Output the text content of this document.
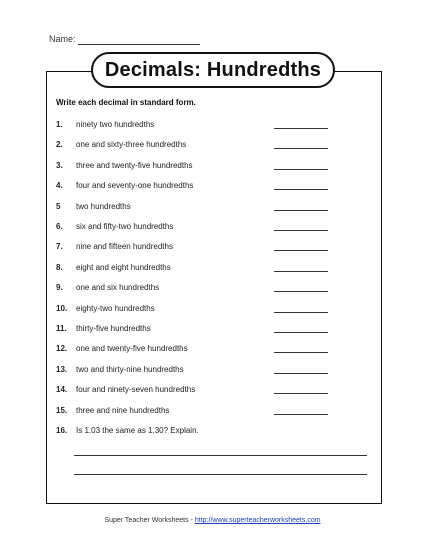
Name:
Decimals: Hundredths
Write each decimal in standard form.
1. ninety two hundredths
2. one and sixty-three hundredths
3. three and twenty-five hundredths
4. four and seventy-one hundredths
5 two hundredths
6. six and fifty-two hundredths
7. nine and fifteen hundredths
8. eight and eight hundredths
9. one and six hundredths
10. eighty-two hundredths
11. thirty-five hundredths
12. one and twenty-five hundredths
13. two and thirty-nine hundredths
14. four and ninety-seven hundredths
15. three and nine hundredths
16. Is 1.03 the same as 1.30? Explain.
Super Teacher Worksheets - http://www.superteacherworksheets.com
